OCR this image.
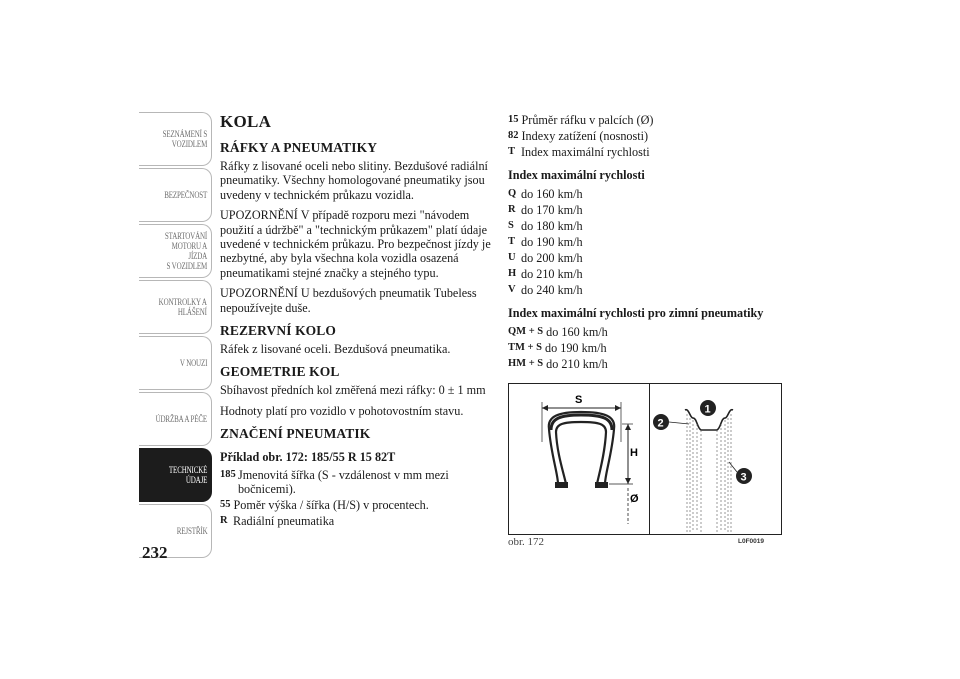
SEZNÁMENÍ S
VOZIDLEM
BEZPEČNOST
STARTOVÁNÍ
MOTORU A JÍZDA
S VOZIDLEM
KONTROLKY A
HLÁŠENÍ
V NOUZI
ÚDRŽBA A PÉČE
TECHNICKÉ
ÚDAJE
REJSTŘÍK
232
KOLA
RÁFKY A PNEUMATIKY

Ráfky z lisované oceli nebo slitiny. Bezdušové radiální pneumatiky. Všechny homologované pneumatiky jsou uvedeny v technickém průkazu vozidla.

UPOZORNĚNÍ V případě rozporu mezi "návodem použití a údržbě" a "technickým průkazem" platí údaje uvedené v technickém průkazu. Pro bezpečnost jízdy je nezbytné, aby byla všechna kola vozidla osazená pneumatikami stejné značky a stejného typu.

UPOZORNĚNÍ U bezdušových pneumatik Tubeless nepoužívejte duše.

REZERVNÍ KOLO

Ráfek z lisované oceli. Bezdušová pneumatika.

GEOMETRIE KOL

Sbíhavost předních kol změřená mezi ráfky: 0 ± 1 mm

Hodnoty platí pro vozidlo v pohotovostním stavu.

ZNAČENÍ PNEUMATIK
Příklad obr. 172: 185/55 R 15 82T
185 Jmenovitá šířka (S - vzdálenost v mm mezi bočnicemi).
55 Poměr výška / šířka (H/S) v procentech.
R Radiální pneumatika
15 Průměr ráfku v palcích (Ø)
82 Indexy zatížení (nosnosti)
T Index maximální rychlosti
Index maximální rychlosti
Q do 160 km/h
R do 170 km/h
S do 180 km/h
T do 190 km/h
U do 200 km/h
H do 210 km/h
V do 240 km/h
Index maximální rychlosti pro zimní pneumatiky
QM + S do 160 km/h
TM + S do 190 km/h
HM + S do 210 km/h
S
H
Ø
1
2
3
obr. 172	L0F0019
